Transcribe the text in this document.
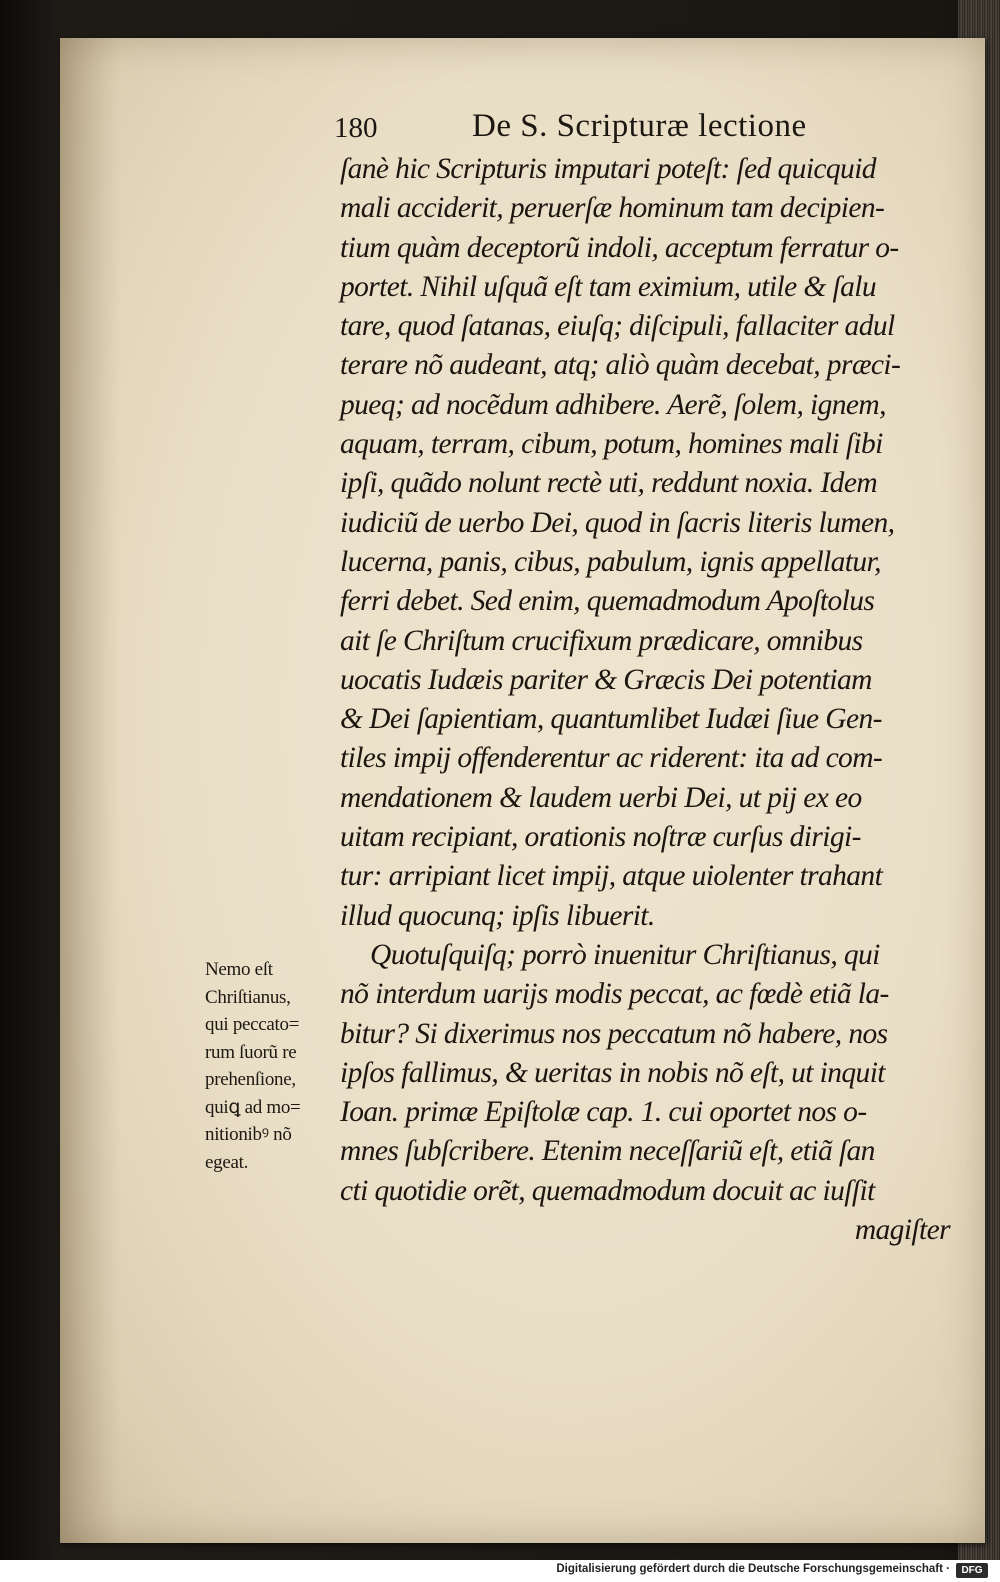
180	De S. Scripturæ lectione
ſanè hic Scripturis imputari poteſt: ſed quicquid
mali acciderit, peruerſæ hominum tam decipien-
tium quàm deceptorũ indoli, acceptum ferratur o-
portet. Nihil uſquã eſt tam eximium, utile & ſalu
tare, quod ſatanas, eiuſq; diſcipuli, fallaciter adul
terare nõ audeant, atq; aliò quàm decebat, præci-
pueq; ad nocẽdum adhibere. Aerẽ, ſolem, ignem,
aquam, terram, cibum, potum, homines mali ſibi
ipſi, quãdo nolunt rectè uti, reddunt noxia. Idem
iudiciũ de uerbo Dei, quod in ſacris literis lumen,
lucerna, panis, cibus, pabulum, ignis appellatur,
ferri debet. Sed enim, quemadmodum Apoſtolus
ait ſe Chriſtum crucifixum prædicare, omnibus
uocatis Iudæis pariter & Græcis Dei potentiam
& Dei ſapientiam, quantumlibet Iudæi ſiue Gen-
tiles impij offenderentur ac riderent: ita ad com-
mendationem & laudem uerbi Dei, ut pij ex eo
uitam recipiant, orationis noſtræ curſus dirigi-
tur: arripiant licet impij, atque uiolenter trahant
illud quocunq; ipſis libuerit.
Quotuſquiſq; porrò inuenitur Chriſtianus, qui
nõ interdum uarijs modis peccat, ac fœdè etiã la-
bitur? Si dixerimus nos peccatum nõ habere, nos
ipſos fallimus, & ueritas in nobis nõ eſt, ut inquit
Ioan. primæ Epiſtolæ cap. 1. cui oportet nos o-
mnes ſubſcribere. Etenim neceſſariũ eſt, etiã ſan
cti quotidie orẽt, quemadmodum docuit ac iuſſit
magiſter
Nemo eſt
Chriſtianus,
qui peccato=
rum ſuorũ re
prehenſione,
quiꝗ ad mo=
nitionibꝰ nõ
egeat.
Digitalisierung gefördert durch die Deutsche Forschungsgemeinschaft ·	DFG
